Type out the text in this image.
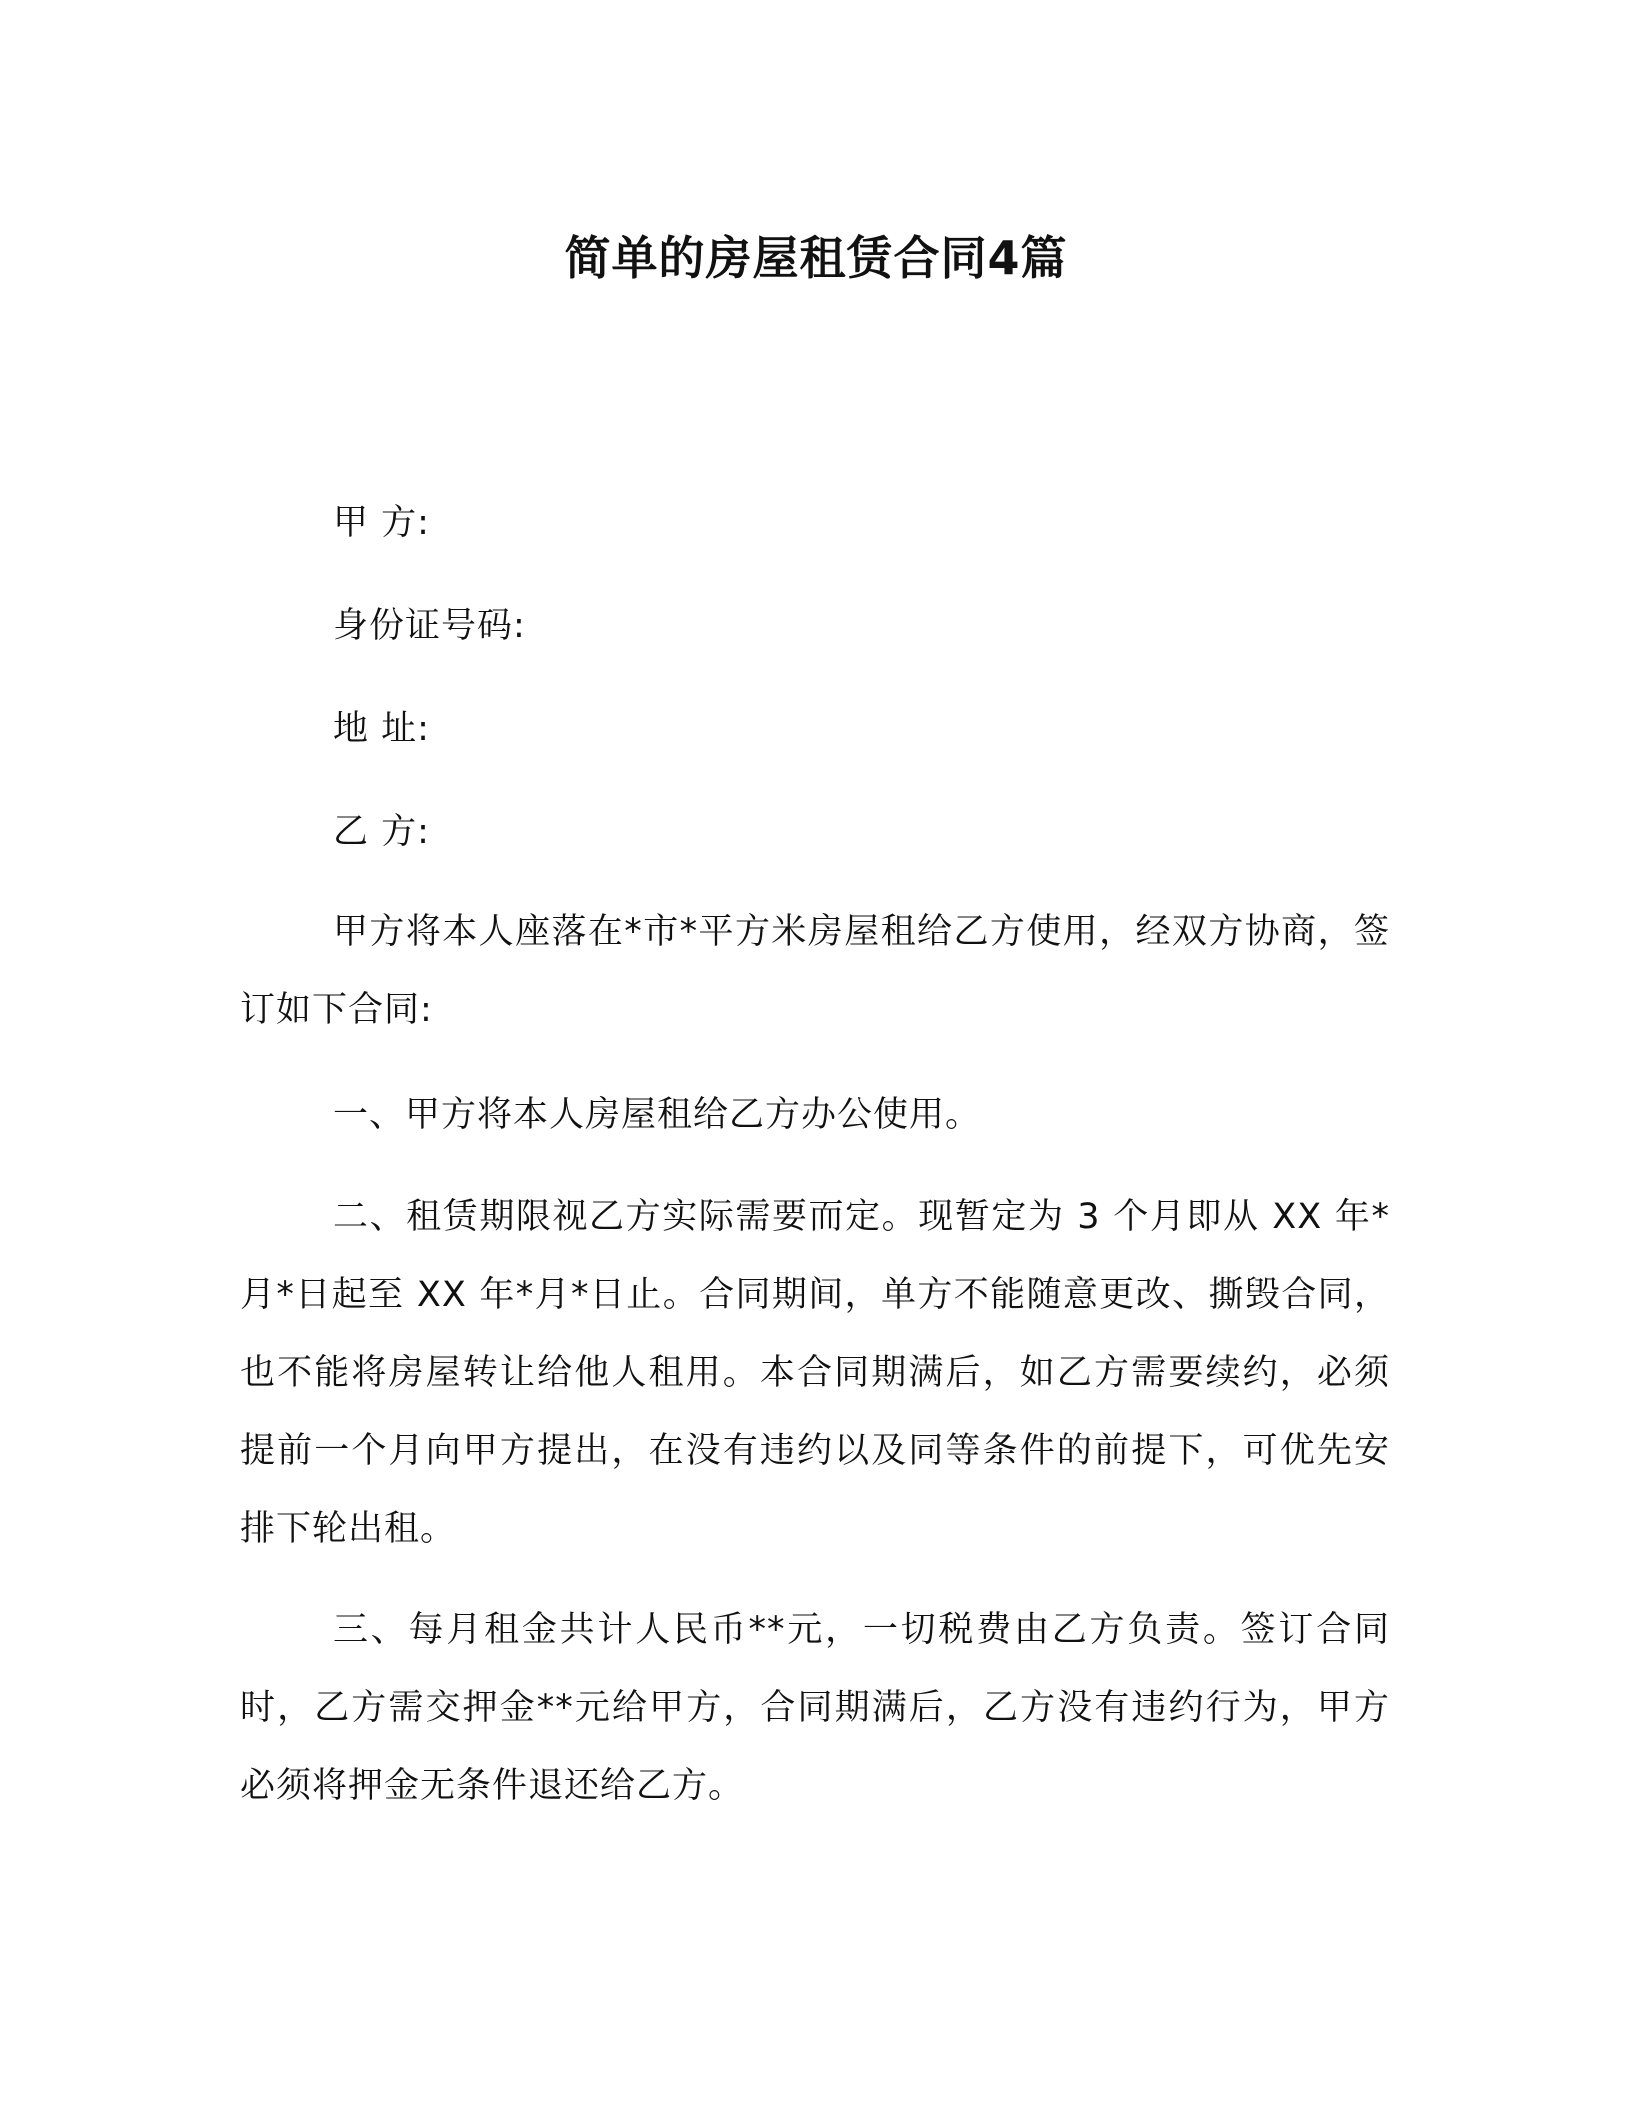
简单的房屋租赁合同4篇

甲 方:

身份证号码:

地 址:

乙 方:

甲方将本人座落在*市*平方米房屋租给乙方使用，经双方协商，签订如下合同:

一、甲方将本人房屋租给乙方办公使用。

二、租赁期限视乙方实际需要而定。现暂定为 3 个月即从 XX 年*月*日起至 XX 年*月*日止。合同期间，单方不能随意更改、撕毁合同，也不能将房屋转让给他人租用。本合同期满后，如乙方需要续约，必须提前一个月向甲方提出，在没有违约以及同等条件的前提下，可优先安排下轮出租。

三、每月租金共计人民币**元，一切税费由乙方负责。签订合同时，乙方需交押金**元给甲方，合同期满后，乙方没有违约行为，甲方必须将押金无条件退还给乙方。
